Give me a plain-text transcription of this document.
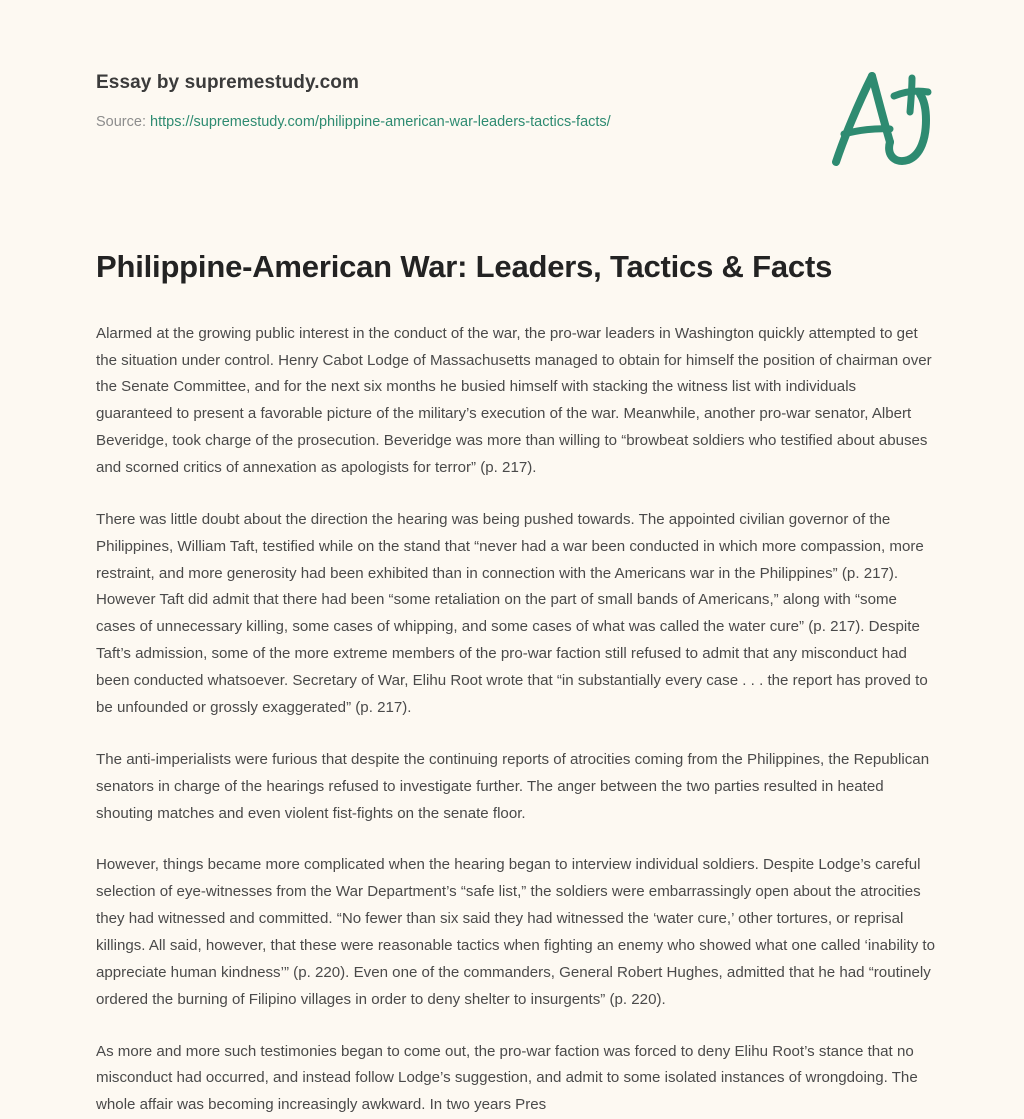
Essay by supremestudy.com
Source: https://supremestudy.com/philippine-american-war-leaders-tactics-facts/
Philippine-American War: Leaders, Tactics & Facts

Alarmed at the growing public interest in the conduct of the war, the pro-war leaders in Washington quickly attempted to get the situation under control. Henry Cabot Lodge of Massachusetts managed to obtain for himself the position of chairman over the Senate Committee, and for the next six months he busied himself with stacking the witness list with individuals guaranteed to present a favorable picture of the military’s execution of the war. Meanwhile, another pro-war senator, Albert Beveridge, took charge of the prosecution. Beveridge was more than willing to “browbeat soldiers who testified about abuses and scorned critics of annexation as apologists for terror” (p. 217).

There was little doubt about the direction the hearing was being pushed towards. The appointed civilian governor of the Philippines, William Taft, testified while on the stand that “never had a war been conducted in which more compassion, more restraint, and more generosity had been exhibited than in connection with the Americans war in the Philippines” (p. 217). However Taft did admit that there had been “some retaliation on the part of small bands of Americans,” along with “some cases of unnecessary killing, some cases of whipping, and some cases of what was called the water cure” (p. 217). Despite Taft’s admission, some of the more extreme members of the pro-war faction still refused to admit that any misconduct had been conducted whatsoever. Secretary of War, Elihu Root wrote that “in substantially every case . . . the report has proved to be unfounded or grossly exaggerated” (p. 217).

The anti-imperialists were furious that despite the continuing reports of atrocities coming from the Philippines, the Republican senators in charge of the hearings refused to investigate further. The anger between the two parties resulted in heated shouting matches and even violent fist-fights on the senate floor.

However, things became more complicated when the hearing began to interview individual soldiers. Despite Lodge’s careful selection of eye-witnesses from the War Department’s “safe list,” the soldiers were embarrassingly open about the atrocities they had witnessed and committed. “No fewer than six said they had witnessed the ‘water cure,’ other tortures, or reprisal killings. All said, however, that these were reasonable tactics when fighting an enemy who showed what one called ‘inability to appreciate human kindness’” (p. 220). Even one of the commanders, General Robert Hughes, admitted that he had “routinely ordered the burning of Filipino villages in order to deny shelter to insurgents” (p. 220).

As more and more such testimonies began to come out, the pro-war faction was forced to deny Elihu Root’s stance that no misconduct had occurred, and instead follow Lodge’s suggestion, and admit to some isolated instances of wrongdoing. The whole affair was becoming increasingly awkward. In two years Pres
